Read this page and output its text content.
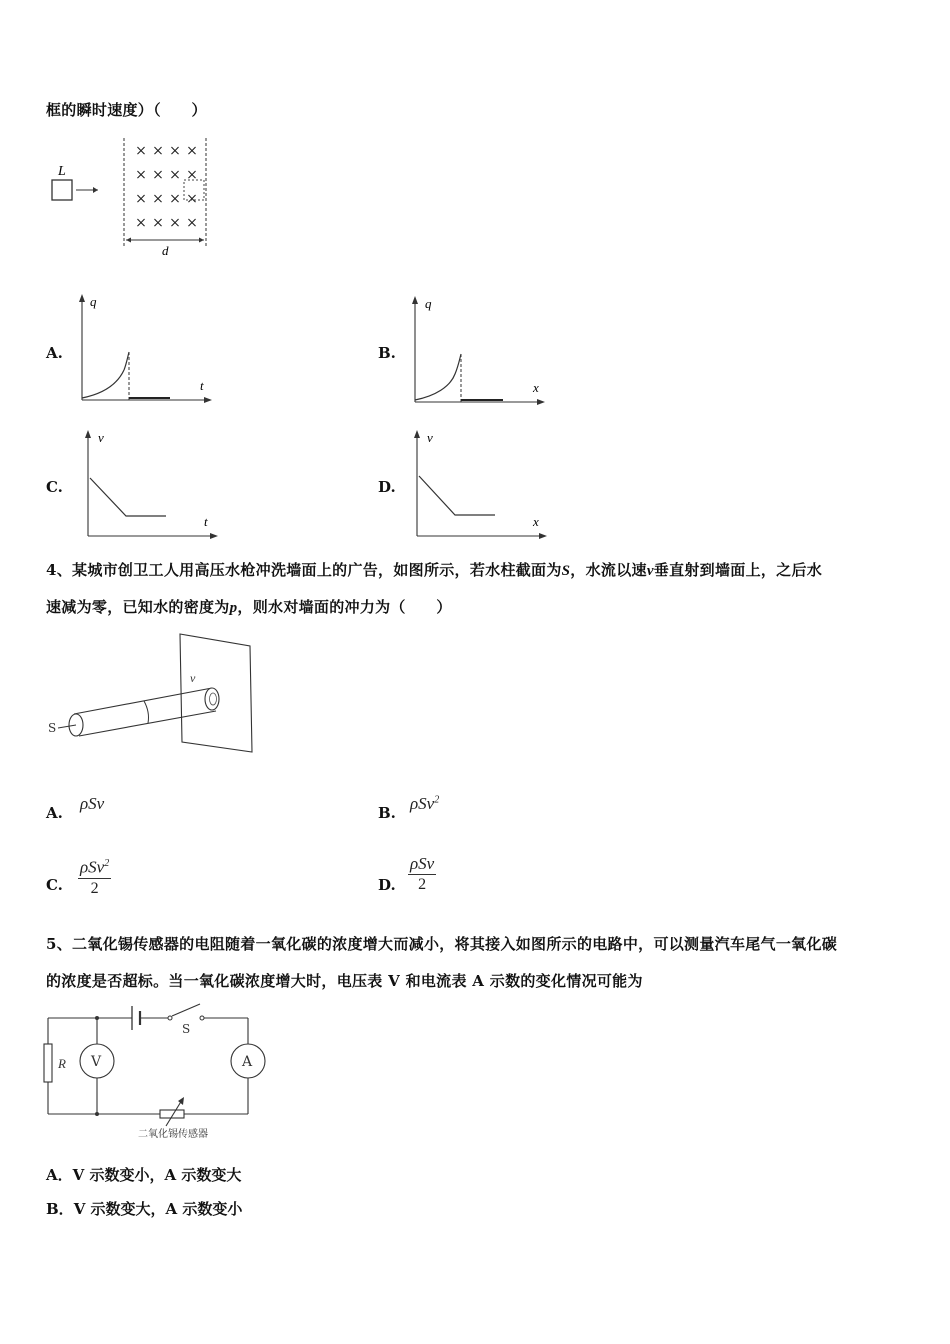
框的瞬时速度）（　　）
L
× × × ×
× × × ×
× × × ×
× × × ×
d
A.
q
t
B.
q
x
C.
v
t
D.
v
x
4、某城市创卫工人用高压水枪冲洗墙面上的广告，如图所示，若水柱截面为S，水流以速v垂直射到墙面上，之后水
速减为零，已知水的密度为p，则水对墙面的冲力为（　　）
S
v
A. ρSv	B. ρSv$^2$
C.
ρSv$^2$
2	D.
ρSv
2
5、二氧化锡传感器的电阻随着一氧化碳的浓度增大而减小，将其接入如图所示的电路中，可以测量汽车尾气一氧化碳
的浓度是否超标。当一氧化碳浓度增大时，电压表 V 和电流表 A 示数的变化情况可能为
S
R V	A
二氧化锡传感器
A．V 示数变小，A 示数变大
B．V 示数变大，A 示数变小
